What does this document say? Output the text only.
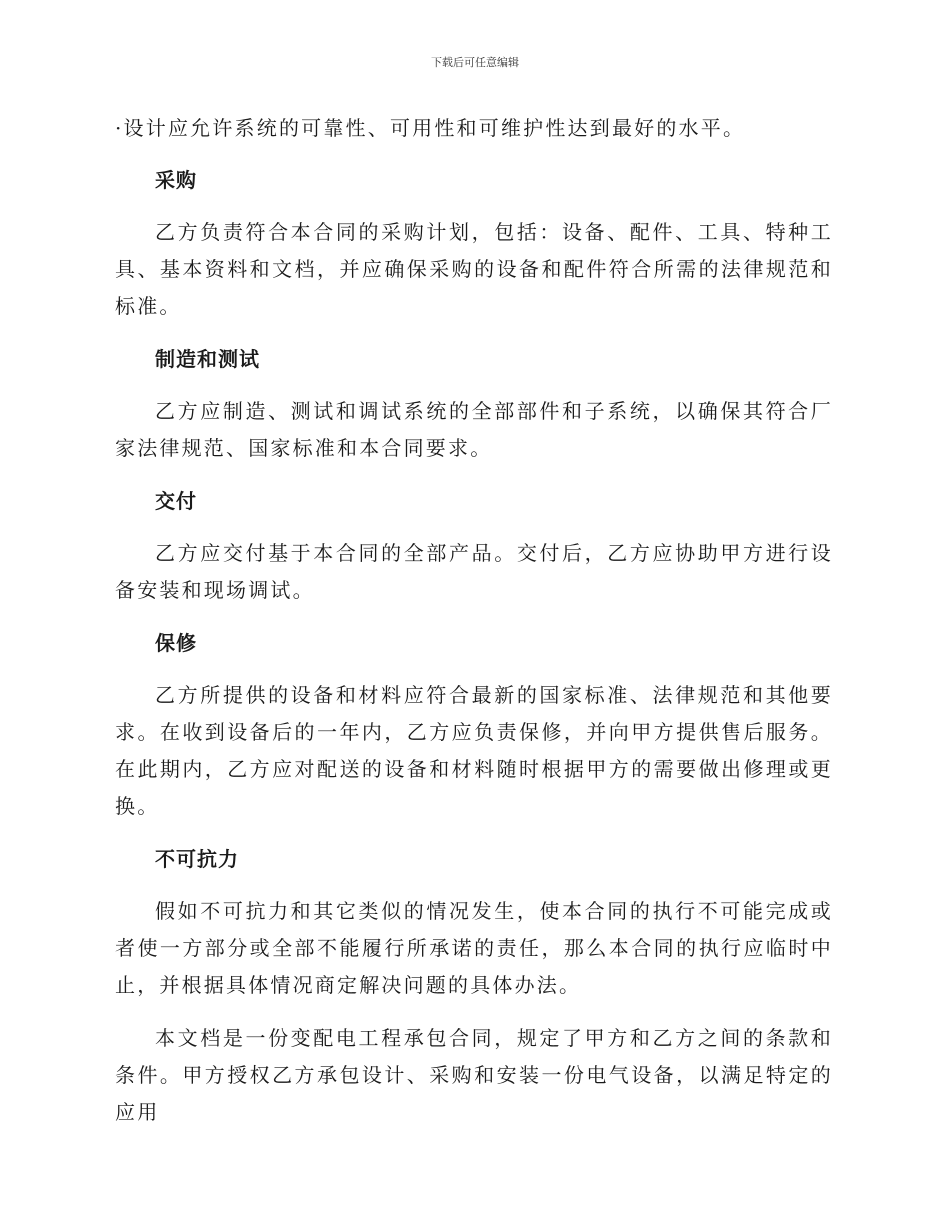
下载后可任意编辑

·设计应允许系统的可靠性、可用性和可维护性达到最好的水平。

采购

乙方负责符合本合同的采购计划，包括：设备、配件、工具、特种工具、基本资料和文档，并应确保采购的设备和配件符合所需的法律规范和标准。

制造和测试

乙方应制造、测试和调试系统的全部部件和子系统，以确保其符合厂家法律规范、国家标准和本合同要求。

交付

乙方应交付基于本合同的全部产品。交付后，乙方应协助甲方进行设备安装和现场调试。

保修

乙方所提供的设备和材料应符合最新的国家标准、法律规范和其他要求。在收到设备后的一年内，乙方应负责保修，并向甲方提供售后服务。在此期内，乙方应对配送的设备和材料随时根据甲方的需要做出修理或更换。

不可抗力

假如不可抗力和其它类似的情况发生，使本合同的执行不可能完成或者使一方部分或全部不能履行所承诺的责任，那么本合同的执行应临时中止，并根据具体情况商定解决问题的具体办法。

本文档是一份变配电工程承包合同，规定了甲方和乙方之间的条款和条件。甲方授权乙方承包设计、采购和安装一份电气设备，以满足特定的应用
